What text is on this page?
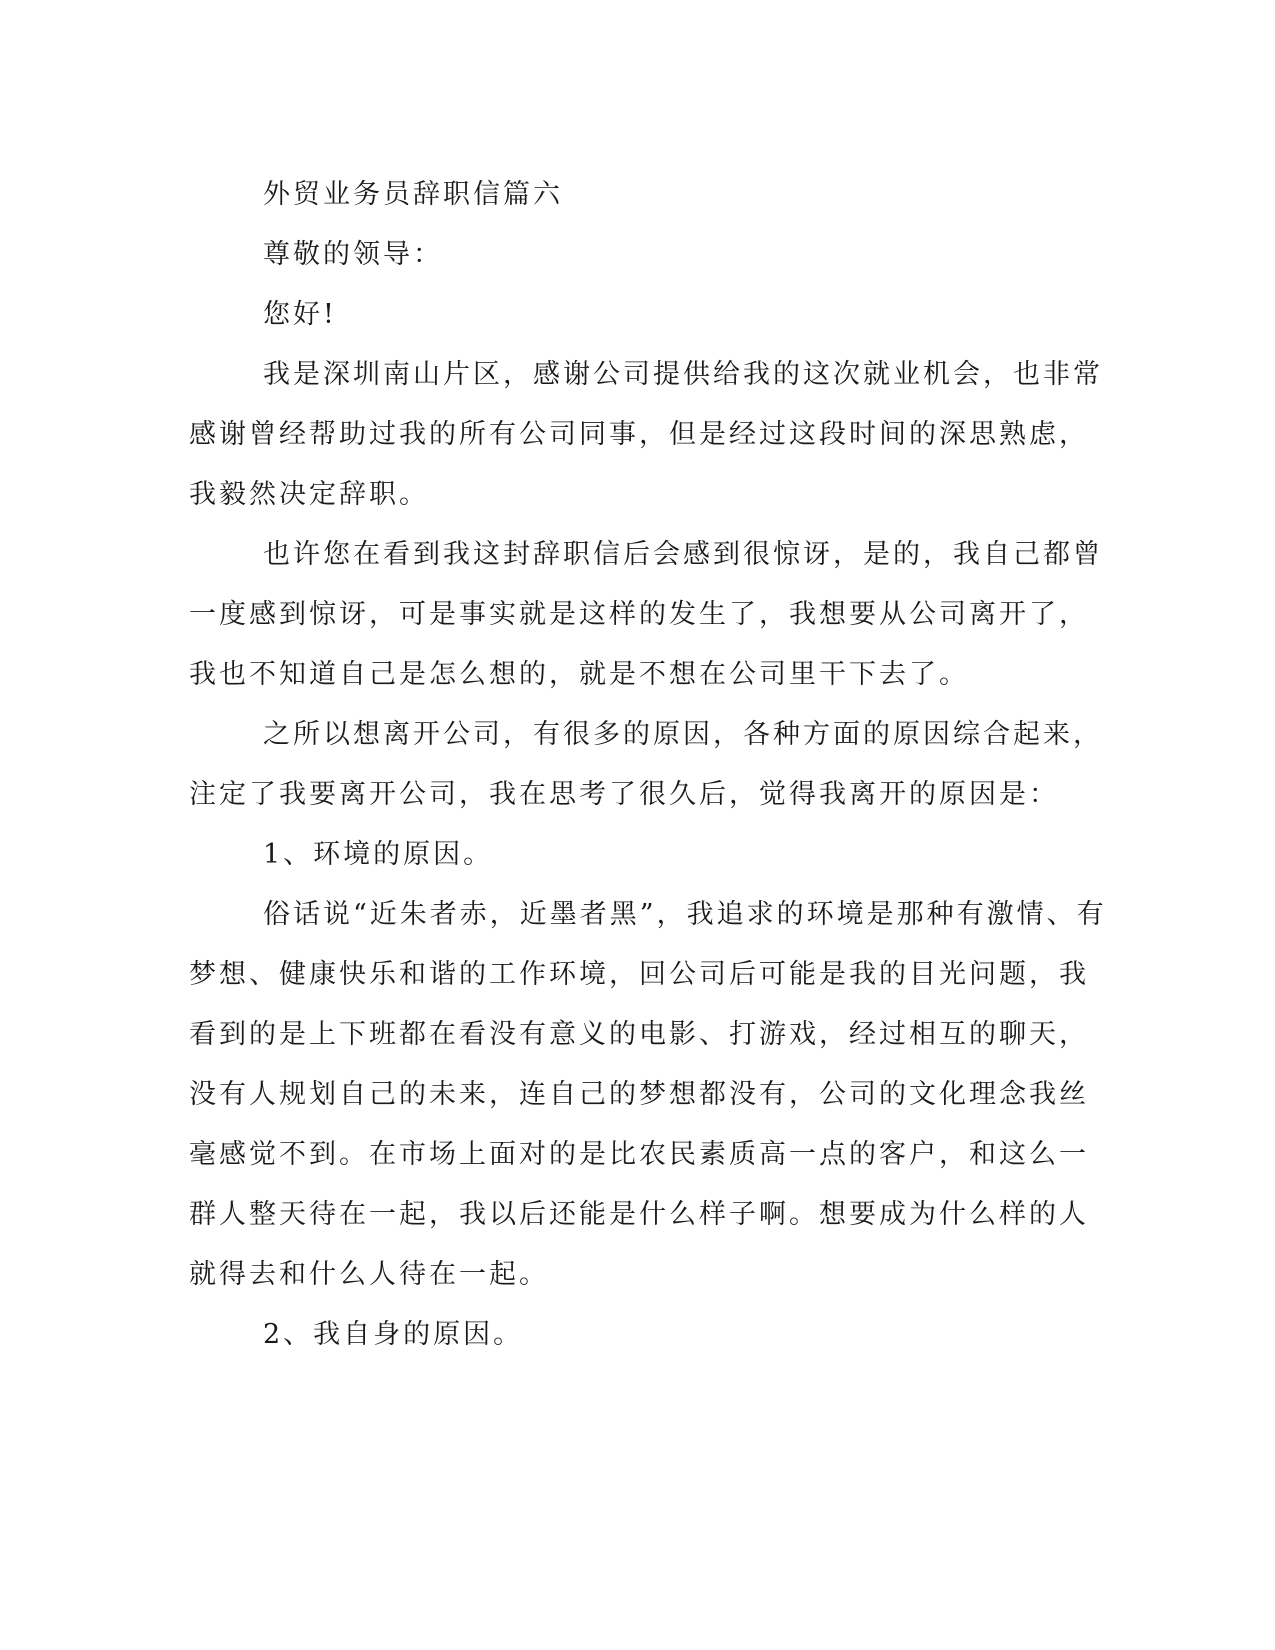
外贸业务员辞职信篇六
尊敬的领导：
您好!
我是深圳南山片区，感谢公司提供给我的这次就业机会，也非常
感谢曾经帮助过我的所有公司同事，但是经过这段时间的深思熟虑，
我毅然决定辞职。
也许您在看到我这封辞职信后会感到很惊讶，是的，我自己都曾
一度感到惊讶，可是事实就是这样的发生了，我想要从公司离开了，
我也不知道自己是怎么想的，就是不想在公司里干下去了。
之所以想离开公司，有很多的原因，各种方面的原因综合起来，
注定了我要离开公司，我在思考了很久后，觉得我离开的原因是：
1、环境的原因。
俗话说“近朱者赤，近墨者黑”，我追求的环境是那种有激情、有
梦想、健康快乐和谐的工作环境，回公司后可能是我的目光问题，我
看到的是上下班都在看没有意义的电影、打游戏，经过相互的聊天，
没有人规划自己的未来，连自己的梦想都没有，公司的文化理念我丝
毫感觉不到。在市场上面对的是比农民素质高一点的客户，和这么一
群人整天待在一起，我以后还能是什么样子啊。想要成为什么样的人
就得去和什么人待在一起。
2、我自身的原因。
